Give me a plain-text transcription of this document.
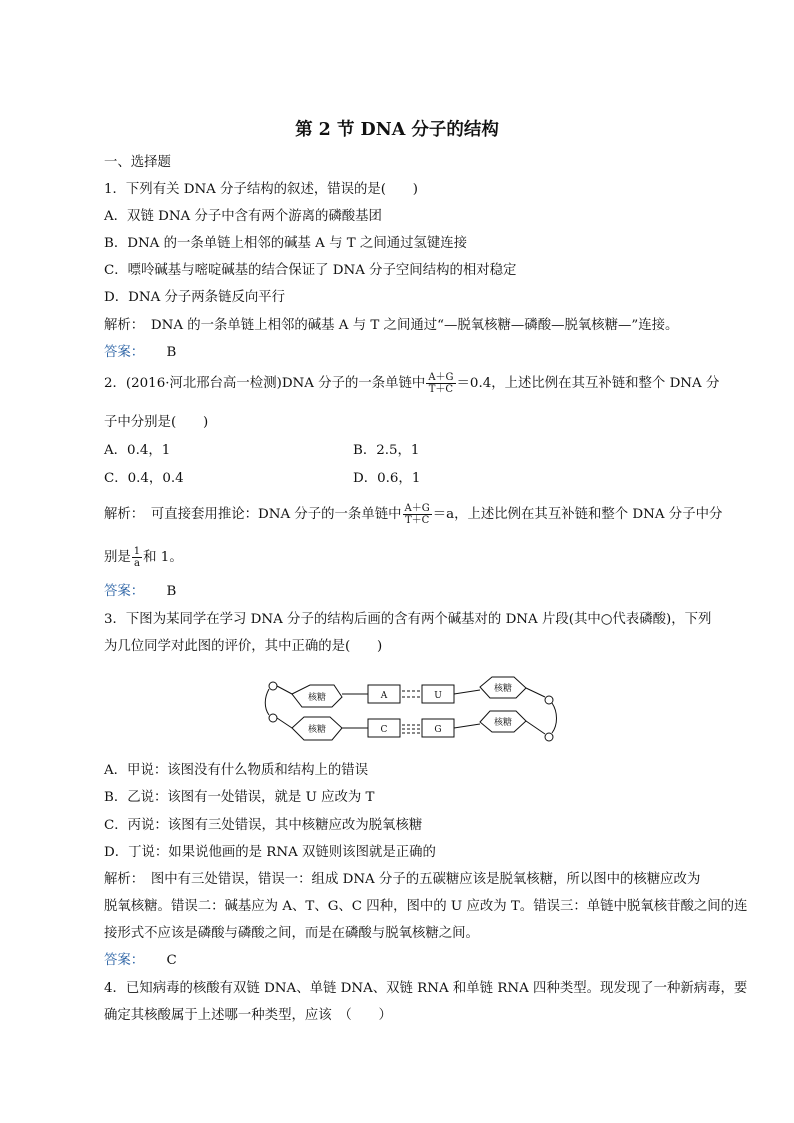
第 2 节 DNA 分子的结构
一、选择题
1．下列有关 DNA 分子结构的叙述，错误的是(　　)
A．双链 DNA 分子中含有两个游离的磷酸基团
B．DNA 的一条单链上相邻的碱基 A 与 T 之间通过氢键连接
C．嘌呤碱基与嘧啶碱基的结合保证了 DNA 分子空间结构的相对稳定
D．DNA 分子两条链反向平行
解析：　DNA 的一条单链上相邻的碱基 A 与 T 之间通过“—脱氧核糖—磷酸—脱氧核糖—”连接。
答案： B
2．(2016·河北邢台高一检测)DNA 分子的一条单链中 $\frac{A+G}{T+C} =0.4$，上述比例在其互补链和整个 DNA 分
子中分别是(　　)
A．0.4，1	B．2.5，1
C．0.4，0.4	D．0.6，1
解析：　可直接套用推论：DNA 分子的一条单链中 $\frac{A+G}{T+C} =a$，上述比例在其互补链和整个 DNA 分子中分
别是 $\frac{1}{a}$ 和 1。
答案： B
3．下图为某同学在学习 DNA 分子的结构后画的含有两个碱基对的 DNA 片段(其中○代表磷酸)，下列
为几位同学对此图的评价，其中正确的是(　　)
核糖
核糖
核糖
核糖
A	U
C	G
A．甲说：该图没有什么物质和结构上的错误
B．乙说：该图有一处错误，就是 U 应改为 T
C．丙说：该图有三处错误，其中核糖应改为脱氧核糖
D．丁说：如果说他画的是 RNA 双链则该图就是正确的
解析：　图中有三处错误，错误一：组成 DNA 分子的五碳糖应该是脱氧核糖，所以图中的核糖应改为
脱氧核糖。错误二：碱基应为 A、T、G、C 四种，图中的 U 应改为 T。错误三：单链中脱氧核苷酸之间的连
接形式不应该是磷酸与磷酸之间，而是在磷酸与脱氧核糖之间。
答案： C
4．已知病毒的核酸有双链 DNA、单链 DNA、双链 RNA 和单链 RNA 四种类型。现发现了一种新病毒，要
确定其核酸属于上述哪一种类型，应该　（　　）
